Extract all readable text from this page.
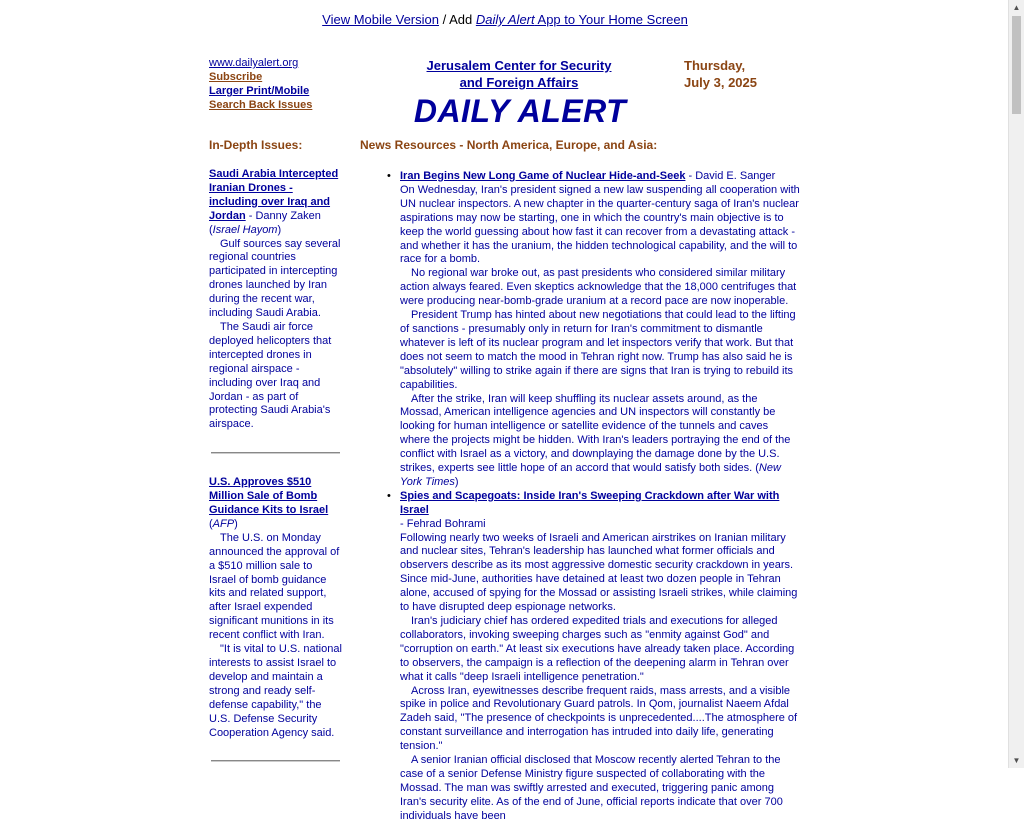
View Mobile Version / Add Daily Alert App to Your Home Screen
www.dailyalert.org
Subscribe
Larger Print/Mobile
Search Back Issues
Jerusalem Center for Security
and Foreign Affairs
DAILY ALERT
Thursday,
July 3, 2025
In-Depth Issues:	News Resources - North America, Europe, and Asia:
Saudi Arabia Intercepted Iranian Drones - including over Iraq and Jordan - Danny Zaken (Israel Hayom)

Gulf sources say several regional countries participated in intercepting drones launched by Iran during the recent war, including Saudi Arabia.

The Saudi air force deployed helicopters that intercepted drones in regional airspace - including over Iraq and Jordan - as part of protecting Saudi Arabia's airspace.

U.S. Approves $510 Million Sale of Bomb Guidance Kits to Israel
(AFP)

The U.S. on Monday announced the approval of a $510 million sale to Israel of bomb guidance kits and related support, after Israel expended significant munitions in its recent conflict with Iran.

"It is vital to U.S. national interests to assist Israel to develop and maintain a strong and ready self-defense capability," the U.S. Defense Security Cooperation Agency said.

• Iran Begins New Long Game of Nuclear Hide-and-Seek - David E. Sanger

On Wednesday, Iran's president signed a new law suspending all cooperation with UN nuclear inspectors. A new chapter in the quarter-century saga of Iran's nuclear aspirations may now be starting, one in which the country's main objective is to keep the world guessing about how fast it can recover from a devastating attack - and whether it has the uranium, the hidden technological capability, and the will to race for a bomb.

No regional war broke out, as past presidents who considered similar military action always feared. Even skeptics acknowledge that the 18,000 centrifuges that were producing near-bomb-grade uranium at a record pace are now inoperable.

President Trump has hinted about new negotiations that could lead to the lifting of sanctions - presumably only in return for Iran's commitment to dismantle whatever is left of its nuclear program and let inspectors verify that work. But that does not seem to match the mood in Tehran right now. Trump has also said he is "absolutely" willing to strike again if there are signs that Iran is trying to rebuild its capabilities.

After the strike, Iran will keep shuffling its nuclear assets around, as the Mossad, American intelligence agencies and UN inspectors will constantly be looking for human intelligence or satellite evidence of the tunnels and caves where the projects might be hidden. With Iran's leaders portraying the end of the conflict with Israel as a victory, and downplaying the damage done by the U.S. strikes, experts see little hope of an accord that would satisfy both sides. (New York Times)

• Spies and Scapegoats: Inside Iran's Sweeping Crackdown after War with Israel
- Fehrad Bohrami

Following nearly two weeks of Israeli and American airstrikes on Iranian military and nuclear sites, Tehran's leadership has launched what former officials and observers describe as its most aggressive domestic security crackdown in years. Since mid-June, authorities have detained at least two dozen people in Tehran alone, accused of spying for the Mossad or assisting Israeli strikes, while claiming to have disrupted deep espionage networks.

Iran's judiciary chief has ordered expedited trials and executions for alleged collaborators, invoking sweeping charges such as "enmity against God" and "corruption on earth." At least six executions have already taken place. According to observers, the campaign is a reflection of the deepening alarm in Tehran over what it calls "deep Israeli intelligence penetration."

Across Iran, eyewitnesses describe frequent raids, mass arrests, and a visible spike in police and Revolutionary Guard patrols. In Qom, journalist Naeem Afdal Zadeh said, "The presence of checkpoints is unprecedented....The atmosphere of constant surveillance and interrogation has intruded into daily life, generating tension."

A senior Iranian official disclosed that Moscow recently alerted Tehran to the case of a senior Defense Ministry figure suspected of collaborating with the Mossad. The man was swiftly arrested and executed, triggering panic among Iran's security elite. As of the end of June, official reports indicate that over 700 individuals have been

▲
▼
